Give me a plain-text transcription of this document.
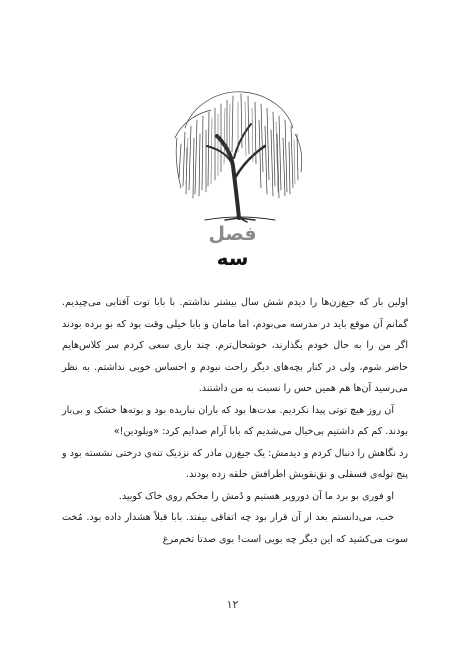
فصل
سه

اولین بار که جیغ‌زن‌ها را دیدم شش سال بیشتر نداشتم. با بابا توت آفتابی می‌چیدیم. گمانم آن موقع باید در مدرسه می‌بودم، اما مامان و بابا خیلی وقت بود که بو برده بودند اگر من را به حال خودم بگذارند، خوشحال‌ترم. چند باری سعی کردم سر کلاس‌هایم حاضر شوم، ولی در کنار بچه‌های دیگر راحت نبودم و احساس خوبی نداشتم. به نظر می‌رسید آن‌ها هم همین حس را نسبت به من داشتند.

آن روز هیچ توتی پیدا نکردیم. مدت‌ها بود که باران نباریده بود و بوته‌ها خشک و بی‌بار بودند. کم کم داشتیم بی‌خیال می‌شدیم که بابا آرام صدایم کرد: «ویلودین!»

رد نگاهش را دنبال کردم و دیدمش: یک جیغ‌زن مادر که نزدیک تنه‌ی درختی نشسته بود و پنج توله‌ی فسقلی و نق‌نقویش اطرافش حلقه زده بودند.

او فوری بو برد ما آن دوروبر هستیم و دُمش را محکم روی خاک کوبید.

خب، می‌دانستم بعد از آن قرار بود چه اتفاقی بیفتد. بابا قبلاً هشدار داده بود. مُخت سوت می‌کشید که این دیگر چه بویی است! بوی صدتا تخم‌مرغ

۱۲
